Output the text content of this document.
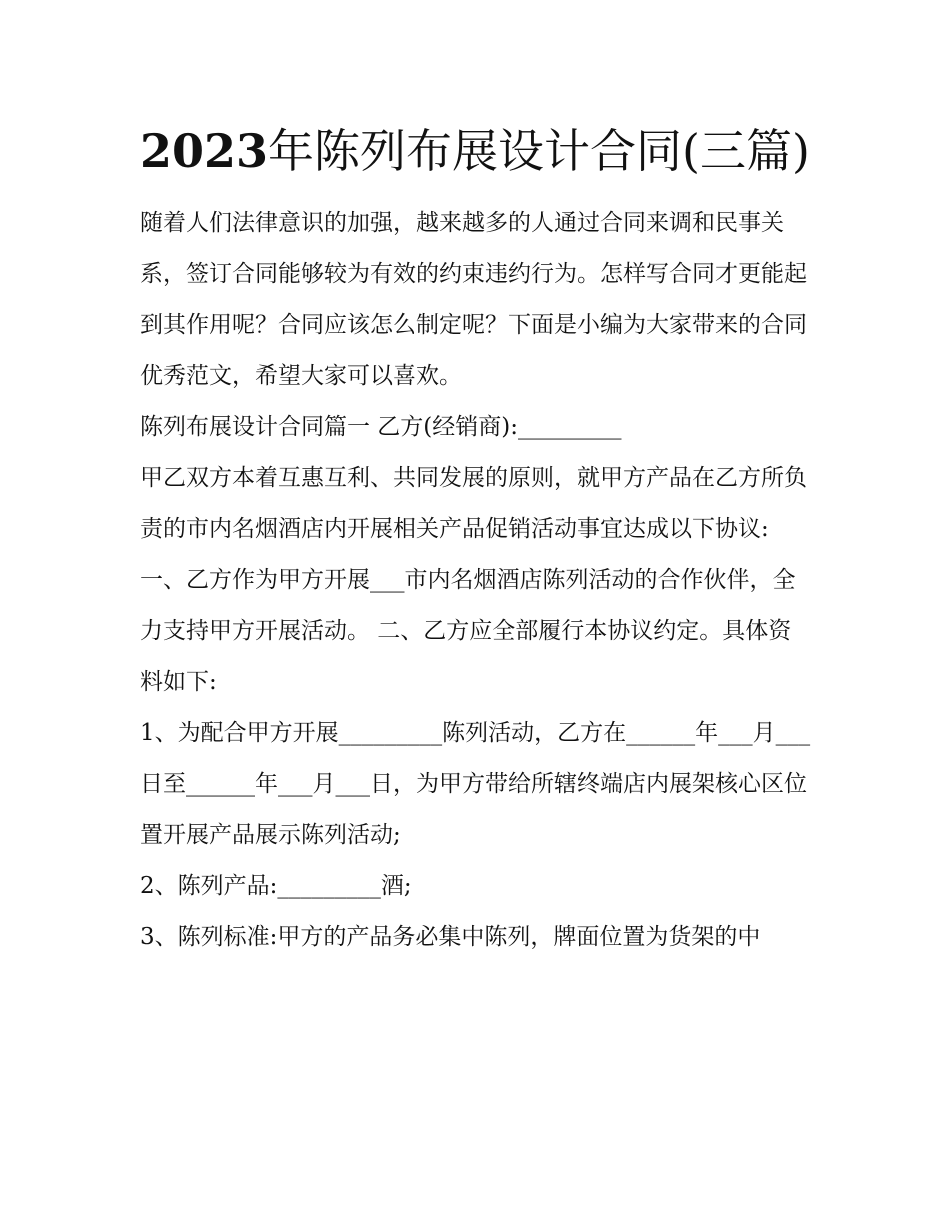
2023年陈列布展设计合同(三篇)

随着人们法律意识的加强，越来越多的人通过合同来调和民事关系，签订合同能够较为有效的约束违约行为。怎样写合同才更能起到其作用呢？合同应该怎么制定呢？下面是小编为大家带来的合同优秀范文，希望大家可以喜欢。

陈列布展设计合同篇一 乙方(经销商):_________

甲乙双方本着互惠互利、共同发展的原则，就甲方产品在乙方所负责的市内名烟酒店内开展相关产品促销活动事宜达成以下协议:

一、乙方作为甲方开展___市内名烟酒店陈列活动的合作伙伴，全力支持甲方开展活动。 二、乙方应全部履行本协议约定。具体资料如下:

1、为配合甲方开展_________陈列活动，乙方在______年___月___日至______年___月___日，为甲方带给所辖终端店内展架核心区位置开展产品展示陈列活动;

2、陈列产品:_________酒;

3、陈列标准:甲方的产品务必集中陈列，牌面位置为货架的中
